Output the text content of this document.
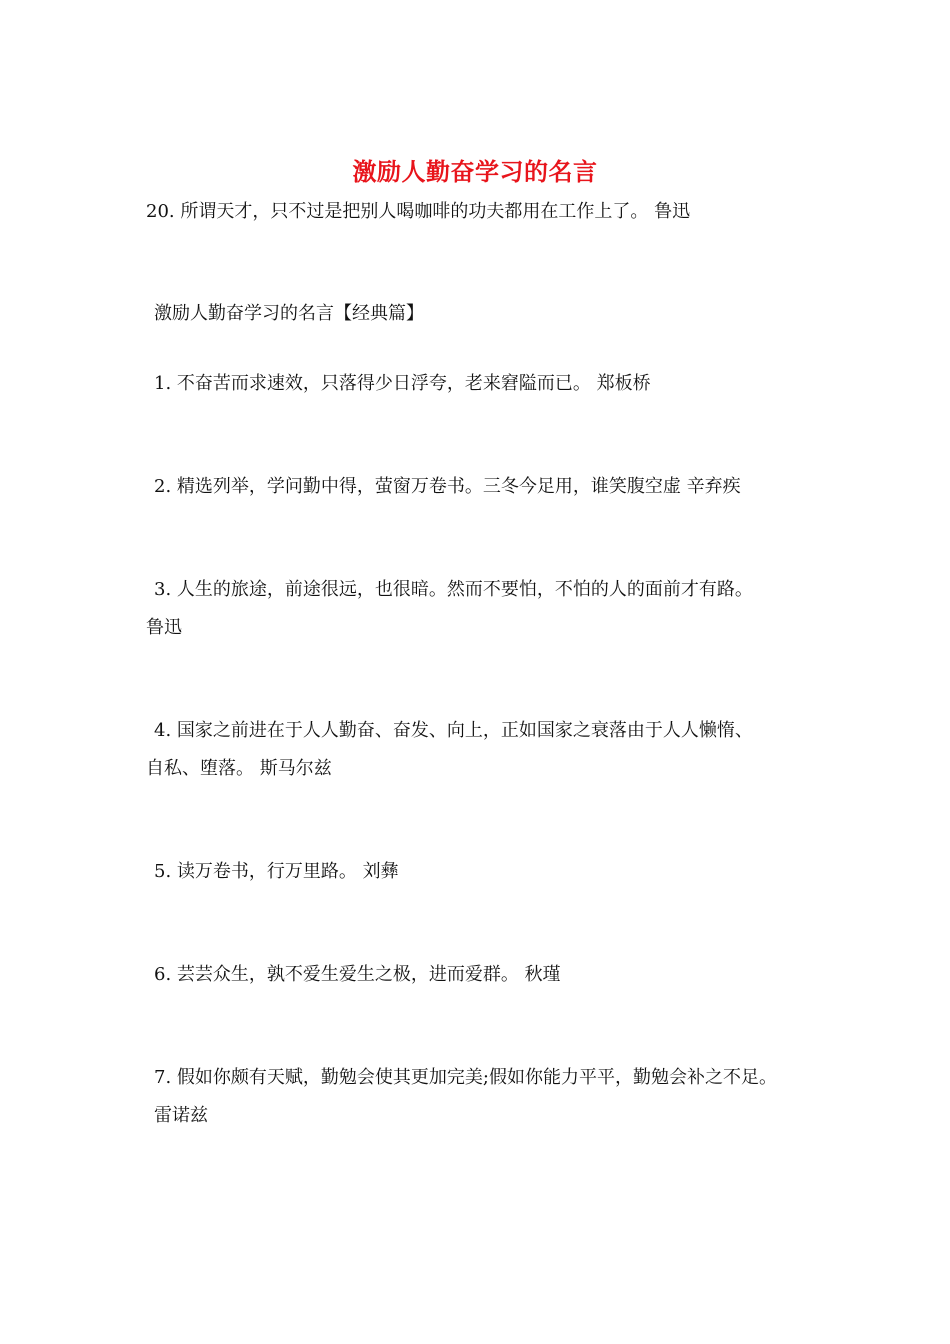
激励人勤奋学习的名言
20. 所谓天才，只不过是把别人喝咖啡的功夫都用在工作上了。 鲁迅
激励人勤奋学习的名言【经典篇】
1. 不奋苦而求速效，只落得少日浮夸，老来窘隘而已。 郑板桥
2. 精选列举，学问勤中得，萤窗万卷书。三冬今足用，谁笑腹空虚 辛弃疾
3. 人生的旅途，前途很远，也很暗。然而不要怕，不怕的人的面前才有路。
鲁迅
4. 国家之前进在于人人勤奋、奋发、向上，正如国家之衰落由于人人懒惰、
自私、堕落。 斯马尔兹
5. 读万卷书，行万里路。 刘彝
6. 芸芸众生，孰不爱生爱生之极，进而爱群。 秋瑾
7. 假如你颇有天赋，勤勉会使其更加完美;假如你能力平平，勤勉会补之不足。
雷诺兹
